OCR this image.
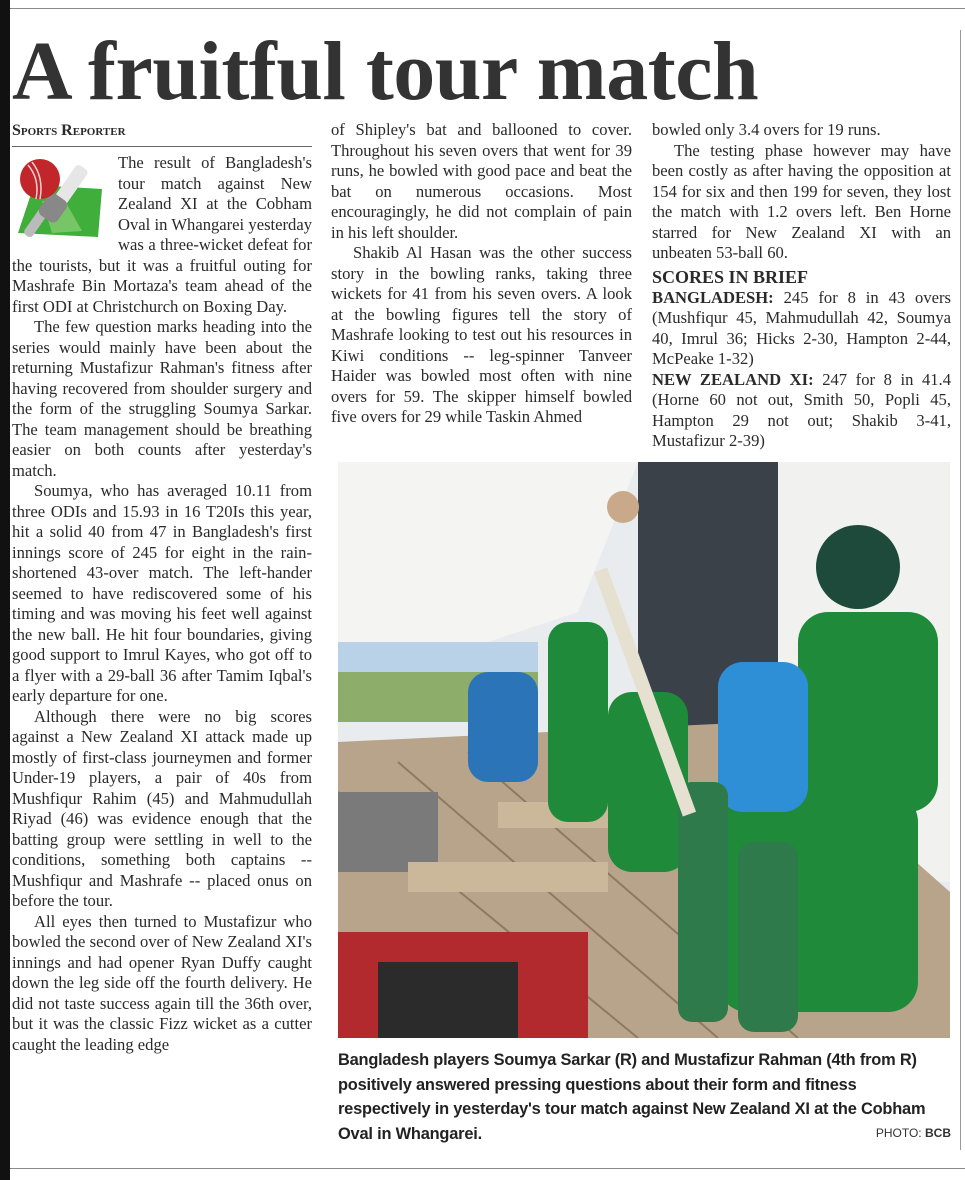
A fruitful tour match
Sports Reporter

The result of Bangladesh's tour match against New Zealand XI at the Cobham Oval in Whangarei yesterday was a three-wicket defeat for the tourists, but it was a fruitful outing for Mashrafe Bin Mortaza's team ahead of the first ODI at Christchurch on Boxing Day.

The few question marks heading into the series would mainly have been about the returning Mustafizur Rahman's fitness after having recovered from shoulder surgery and the form of the struggling Soumya Sarkar. The team management should be breathing easier on both counts after yesterday's match.

Soumya, who has averaged 10.11 from three ODIs and 15.93 in 16 T20Is this year, hit a solid 40 from 47 in Bangladesh's first innings score of 245 for eight in the rain-shortened 43-over match. The left-hander seemed to have rediscovered some of his timing and was moving his feet well against the new ball. He hit four boundaries, giving good support to Imrul Kayes, who got off to a flyer with a 29-ball 36 after Tamim Iqbal's early departure for one.

Although there were no big scores against a New Zealand XI attack made up mostly of first-class journeymen and former Under-19 players, a pair of 40s from Mushfiqur Rahim (45) and Mahmudullah Riyad (46) was evidence enough that the batting group were settling in well to the conditions, something both captains -- Mushfiqur and Mashrafe -- placed onus on before the tour.

All eyes then turned to Mustafizur who bowled the second over of New Zealand XI's innings and had opener Ryan Duffy caught down the leg side off the fourth delivery. He did not taste success again till the 36th over, but it was the classic Fizz wicket as a cutter caught the leading edge

of Shipley's bat and ballooned to cover. Throughout his seven overs that went for 39 runs, he bowled with good pace and beat the bat on numerous occasions. Most encouragingly, he did not complain of pain in his left shoulder.

Shakib Al Hasan was the other success story in the bowling ranks, taking three wickets for 41 from his seven overs. A look at the bowling figures tell the story of Mashrafe looking to test out his resources in Kiwi conditions -- leg-spinner Tanveer Haider was bowled most often with nine overs for 59. The skipper himself bowled five overs for 29 while Taskin Ahmed

bowled only 3.4 overs for 19 runs.

The testing phase however may have been costly as after having the opposition at 154 for six and then 199 for seven, they lost the match with 1.2 overs left. Ben Horne starred for New Zealand XI with an unbeaten 53-ball 60.

SCORES IN BRIEF

BANGLADESH: 245 for 8 in 43 overs (Mushfiqur 45, Mahmudullah 42, Soumya 40, Imrul 36; Hicks 2-30, Hampton 2-44, McPeake 1-32)

NEW ZEALAND XI: 247 for 8 in 41.4 (Horne 60 not out, Smith 50, Popli 45, Hampton 29 not out; Shakib 3-41, Mustafizur 2-39)

Bangladesh players Soumya Sarkar (R) and Mustafizur Rahman (4th from R) positively answered pressing questions about their form and fitness respectively in yesterday's tour match against New Zealand XI at the Cobham Oval in Whangarei.	PHOTO: BCB
